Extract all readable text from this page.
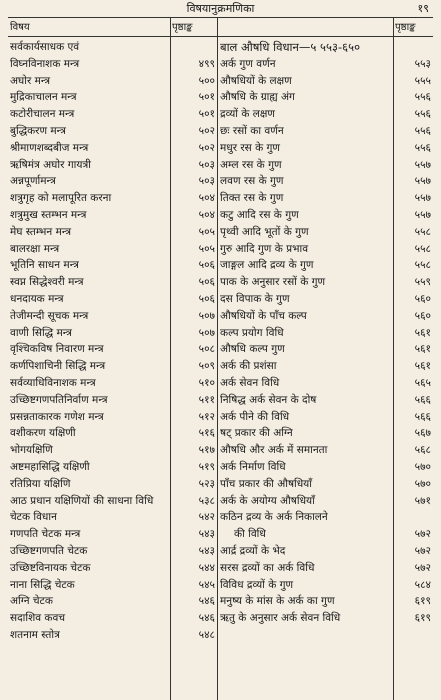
विषयानुक्रमणिका	१९
विषय	पृष्ठाङ्क	पृष्ठाङ्क
सर्वकार्यसाधक एवं
विघ्नविनाशक मन्त्र	४९९
अघोर मन्त्र	५००
मुद्रिकाचालन मन्त्र	५०१
कटोरीचालन मन्त्र	५०१
बुद्धिकरण मन्त्र	५०२
श्रीमाणशब्दबीज मन्त्र	५०२
ऋषिमंत्र अघोर गायत्री	५०३
अन्नपूर्णामन्त्र	५०३
शत्रुगृह को मलापूरित करना	५०४
शत्रुमुख स्तम्भन मन्त्र	५०४
मेघ स्तम्भन मन्त्र	५०५
बालरक्षा मन्त्र	५०५
भूतिनि साधन मन्त्र	५०६
स्वप्न सिद्धेश्वरी मन्त्र	५०६
धनदायक मन्त्र	५०६
तेजीमन्दी सूचक मन्त्र	५०७
वाणी सिद्धि मन्त्र	५०७
वृश्चिकविष निवारण मन्त्र	५०८
कर्णपिशाचिनी सिद्धि मन्त्र	५०९
सर्वव्याधिविनाशक मन्त्र	५१०
उच्छिष्टगणपतिनिर्वाण मन्त्र	५११
प्रसन्नताकारक गणेश मन्त्र	५१२
वशीकरण यक्षिणी	५१६
भोगयक्षिणि	५१७
अष्टमहासिद्धि यक्षिणी	५१९
रतिप्रिया यक्षिणि	५२३
आठ प्रधान यक्षिणियों की साधना विधि	५३८
चेटक विधान	५४२
गणपति चेटक मन्त्र	५४३
उच्छिष्टगणपति चेटक	५४३
उच्छिष्टविनायक चेटक	५४४
नाना सिद्धि चेटक	५४५
अग्नि चेटक	५४६
सदाशिव कवच	५४६
शतनाम स्तोत्र	५४८
बाल औषधि विधान—५ ५५३-६५०
अर्क गुण वर्णन	५५३
औषधियों के लक्षण	५५५
औषधि के ग्राह्य अंग	५५६
द्रव्यों के लक्षण	५५६
छः रसों का वर्णन	५५६
मधुर रस के गुण	५५६
अम्ल रस के गुण	५५७
लवण रस के गुण	५५७
तिक्त रस के गुण	५५७
कटु आदि रस के गुण	५५७
पृथ्वी आदि भूतों के गुण	५५८
गुरु आदि गुण के प्रभाव	५५८
जाङ्गल आदि द्रव्य के गुण	५५८
पाक के अनुसार रसों के गुण	५५९
दस विपाक के गुण	५६०
औषधियों के पाँच कल्प	५६०
कल्प प्रयोग विधि	५६१
औषधि कल्प गुण	५६१
अर्क की प्रशंसा	५६१
अर्क सेवन विधि	५६५
निषिद्ध अर्क सेवन के दोष	५६६
अर्क पीने की विधि	५६६
षट् प्रकार की अग्नि	५६७
औषधि और अर्क में समानता	५६८
अर्क निर्माण विधि	५७०
पाँच प्रकार की औषधियाँ	५७०
अर्क के अयोग्य औषधियाँ	५७१
कठिन द्रव्य के अर्क निकालने
की विधि	५७२
आर्द्र द्रव्यों के भेद	५७२
सरस द्रव्यों का अर्क विधि	५७२
विविध द्रव्यों के गुण	५८४
मनुष्य के मांस के अर्क का गुण	६१९
ऋतु के अनुसार अर्क सेवन विधि	६१९
